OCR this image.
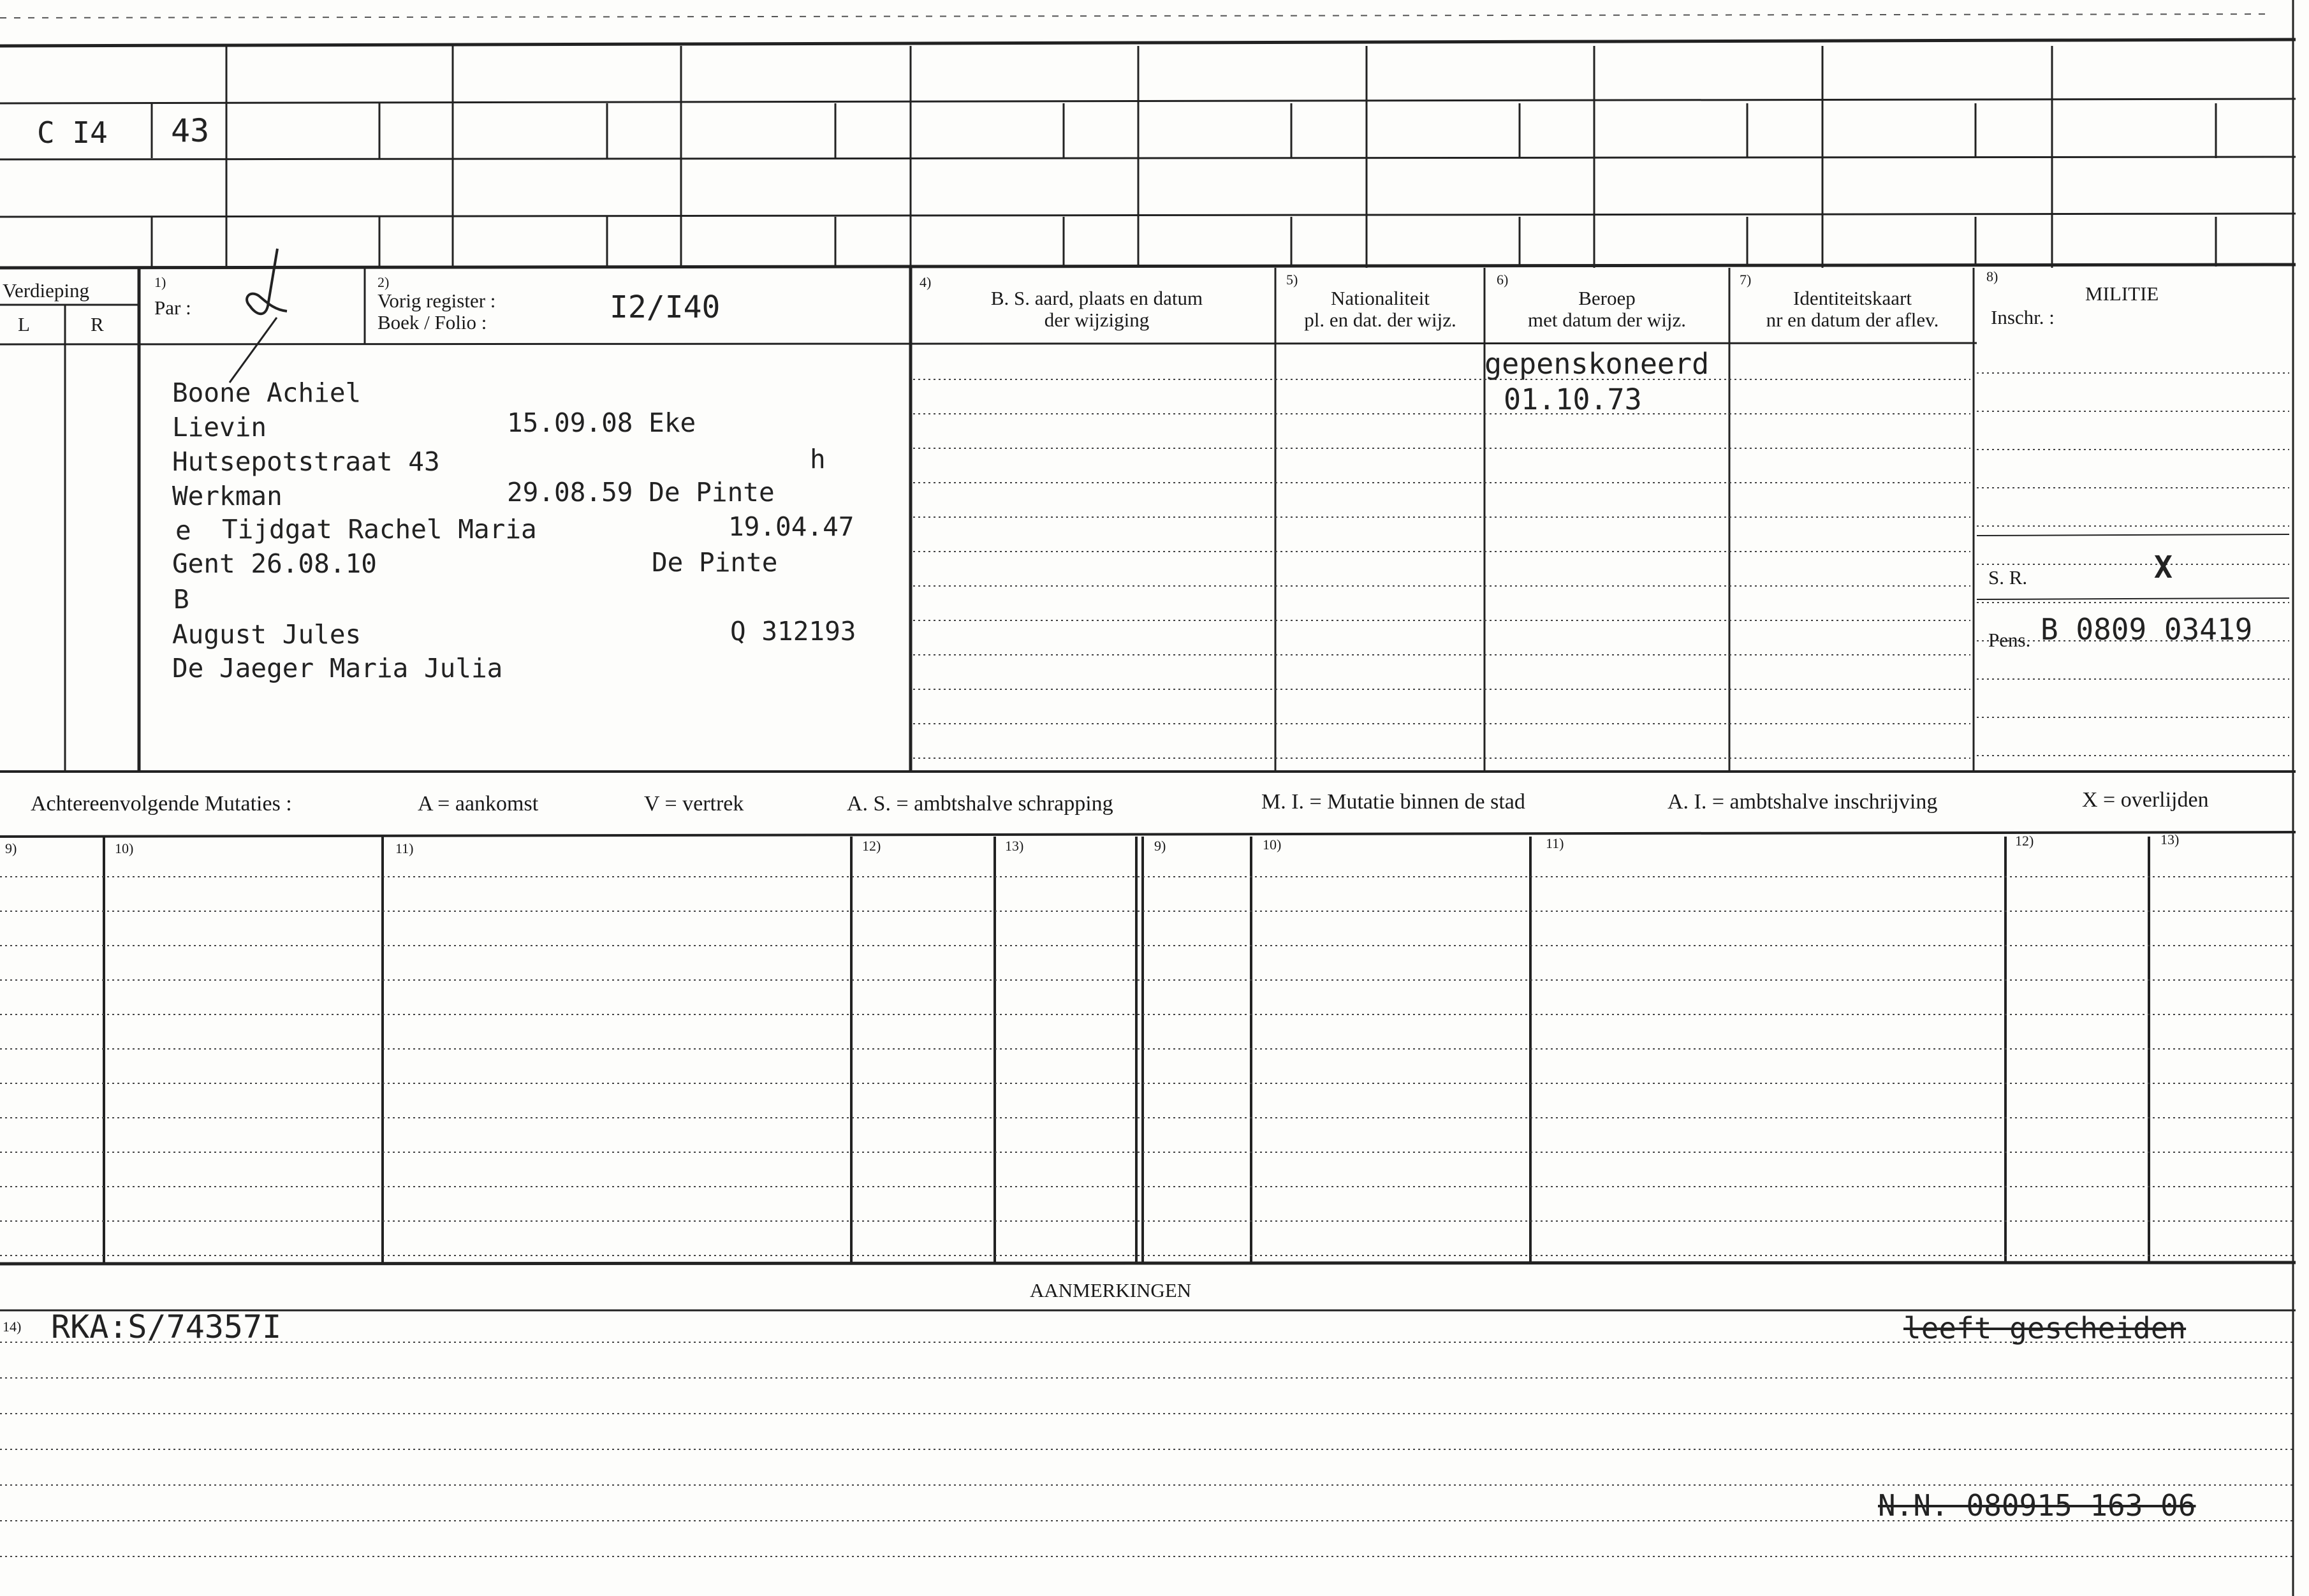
C I4 43
Verdieping
L	R
1)
Par :
2)
Vorig register :
Boek / Folio :	I2/I40
4)
B. S. aard, plaats en datum
der wijziging
5)
Nationaliteit
pl. en dat. der wijz.
6)
Beroep
met datum der wijz.
7)
Identiteitskaart
nr en datum der aflev.
8)
MILITIE
Inschr. :
Boone Achiel
Lievin	15.09.08 Eke
Hutsepotstraat 43	h
Werkman	29.08.59 De Pinte
e Tijdgat Rachel Maria	19.04.47
Gent 26.08.10	De Pinte
B
August Jules	Q 312193
De Jaeger Maria Julia
gepenskoneerd
01.10.73
S. R.	X
Pens. B 0809 03419
Achtereenvolgende Mutaties :	A = aankomst	V = vertrek	A. S. = ambtshalve schrapping	M. I. = Mutatie binnen de stad	A. I. = ambtshalve inschrijving	X = overlijden
9)	10)	11)	12)	13)	9)	10)	11)	12)	13)
AANMERKINGEN
14) RKA:S/74357I	leeft gescheiden
N.N. 080915 163 06
